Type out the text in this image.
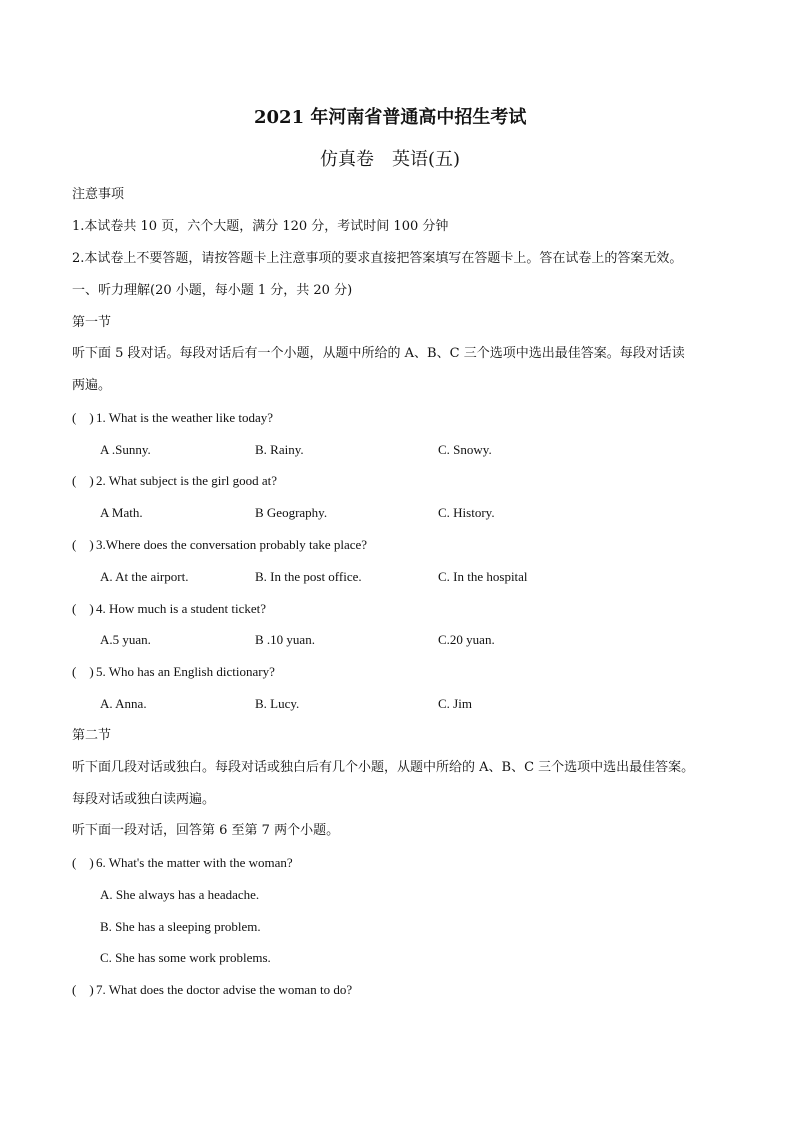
2021 年河南省普通高中招生考试
仿真卷　英语(五)
注意事项
1.本试卷共 10 页，六个大题，满分 120 分，考试时间 100 分钟
2.本试卷上不要答题，请按答题卡上注意事项的要求直接把答案填写在答题卡上。答在试卷上的答案无效。
一、听力理解(20 小题，每小题 1 分，共 20 分)
第一节
听下面 5 段对话。每段对话后有一个小题，从题中所给的 A、B、C 三个选项中选出最佳答案。每段对话读
两遍。
(　) 1. What is the weather like today?
A .Sunny.	B. Rainy.	C. Snowy.
(　) 2. What subject is the girl good at?
A Math.	B Geography.	C. History.
(　) 3.Where does the conversation probably take place?
A. At the airport.	B. In the post office.	C. In the hospital
(　) 4. How much is a student ticket?
A.5 yuan.	B .10 yuan.	C.20 yuan.
(　) 5. Who has an English dictionary?
A. Anna.	B. Lucy.	C. Jim
第二节
听下面几段对话或独白。每段对话或独白后有几个小题，从题中所给的 A、B、C 三个选项中选出最佳答案。
每段对话或独白读两遍。
听下面一段对话，回答第 6 至第 7 两个小题。
(　) 6. What's the matter with the woman?
A. She always has a headache.
B. She has a sleeping problem.
C. She has some work problems.
(　) 7. What does the doctor advise the woman to do?
